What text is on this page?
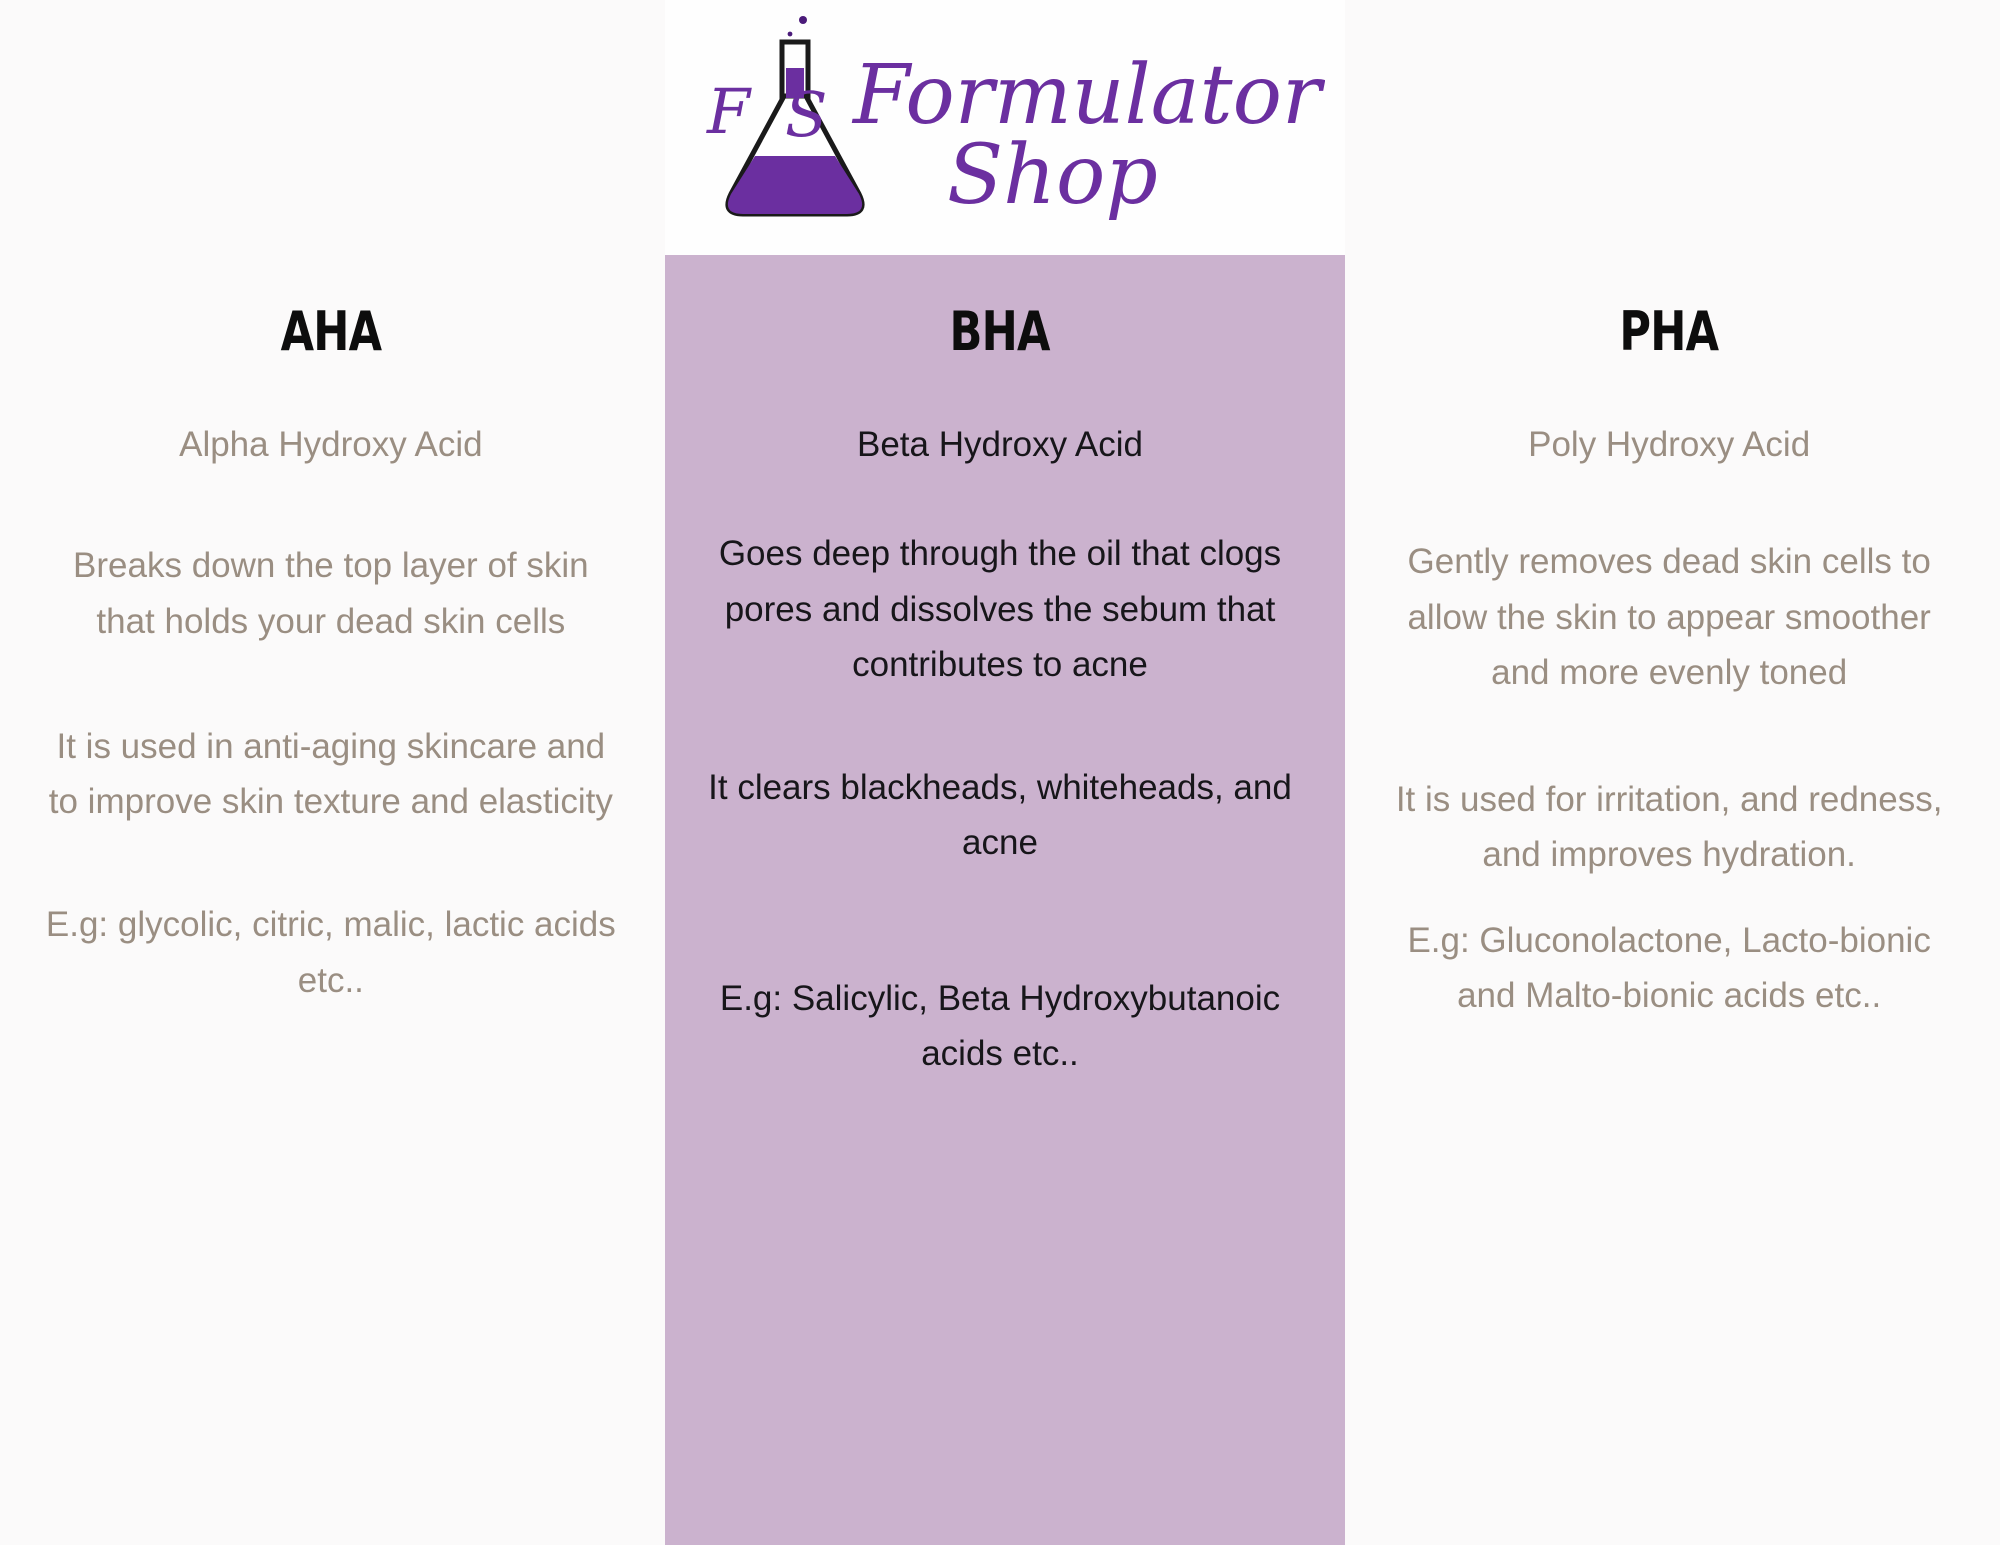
F S Formulator
Shop
AHA

Alpha Hydroxy Acid

Breaks down the top layer of skin that holds your dead skin cells

It is used in anti-aging skincare and to improve skin texture and elasticity

E.g: glycolic, citric, malic, lactic acids etc..

BHA

Beta Hydroxy Acid

Goes deep through the oil that clogs pores and dissolves the sebum that contributes to acne

It clears blackheads, whiteheads, and acne

E.g: Salicylic, Beta Hydroxybutanoic acids etc..

PHA

Poly Hydroxy Acid

Gently removes dead skin cells to allow the skin to appear smoother and more evenly toned

It is used for irritation, and redness, and improves hydration.

E.g: Gluconolactone, Lacto-bionic and Malto-bionic acids etc..
